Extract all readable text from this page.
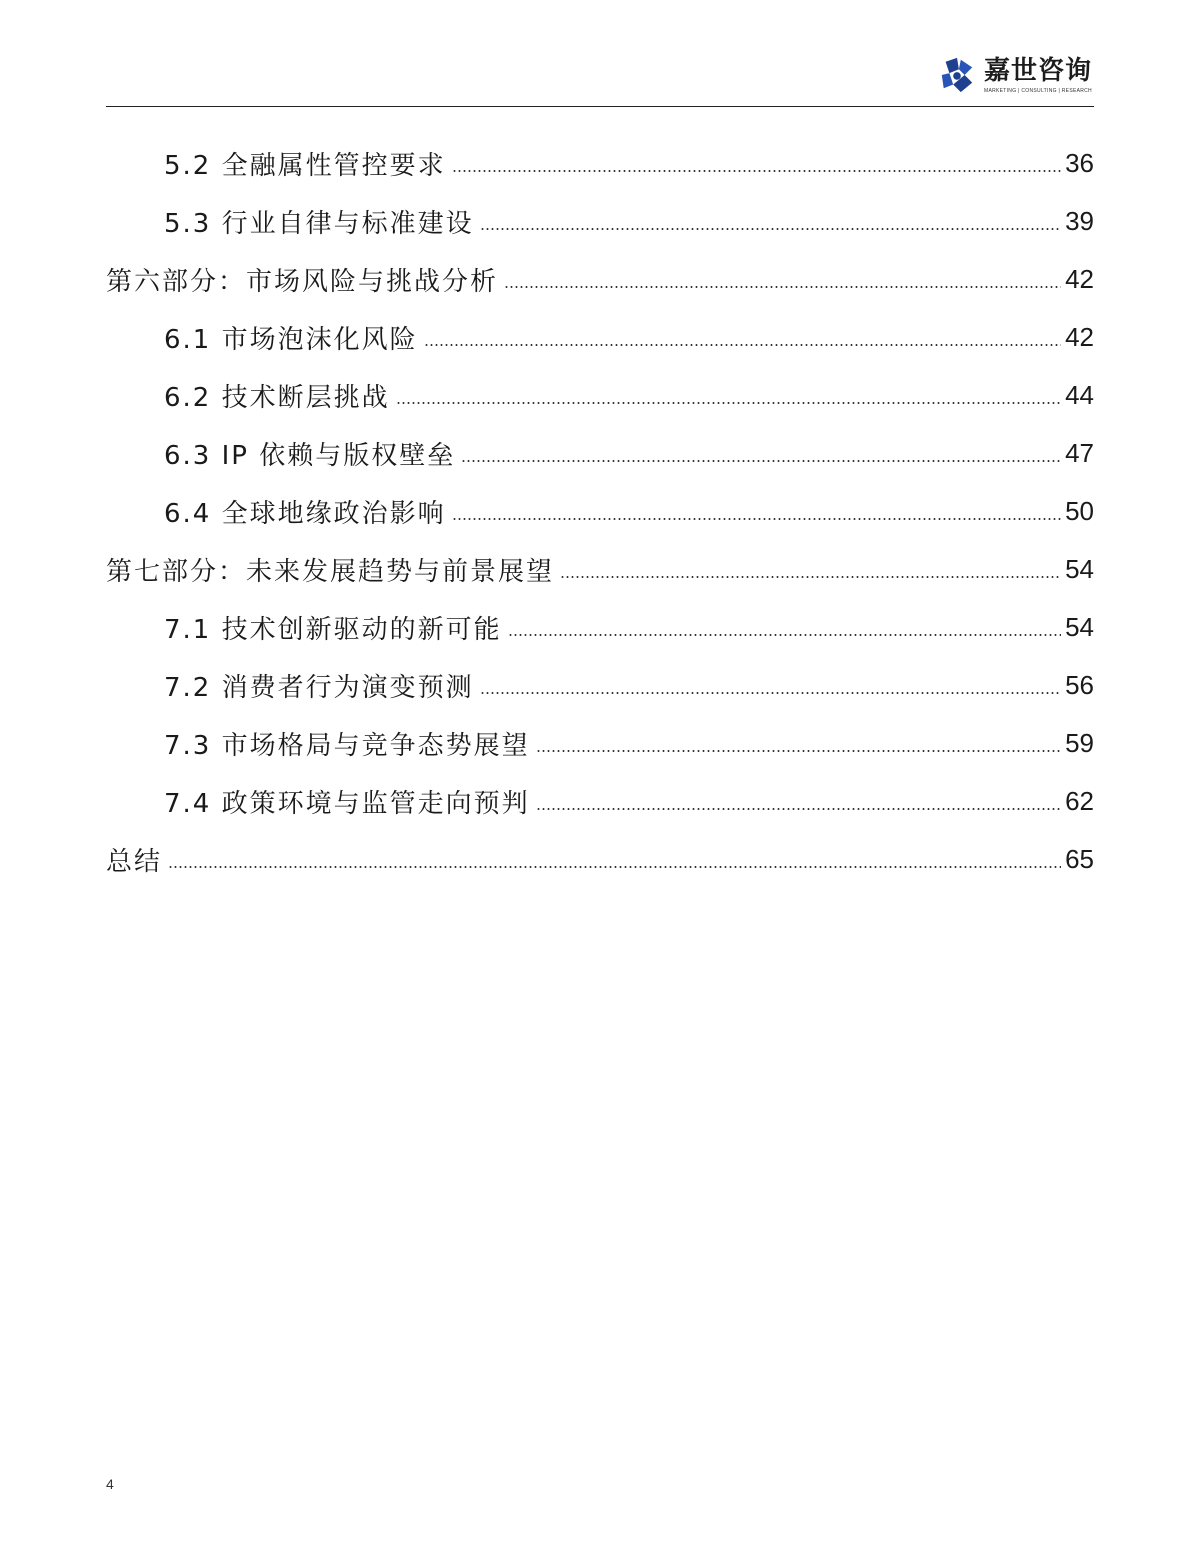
嘉世咨询
MARKETING | CONSULTING | RESEARCH
5.2 全融属性管控要求	36
5.3 行业自律与标准建设	39
第六部分：市场风险与挑战分析	42
6.1 市场泡沫化风险	42
6.2 技术断层挑战	44
6.3 IP 依赖与版权壁垒	47
6.4 全球地缘政治影响	50
第七部分：未来发展趋势与前景展望	54
7.1 技术创新驱动的新可能	54
7.2 消费者行为演变预测	56
7.3 市场格局与竞争态势展望	59
7.4 政策环境与监管走向预判	62
总结	65
4
